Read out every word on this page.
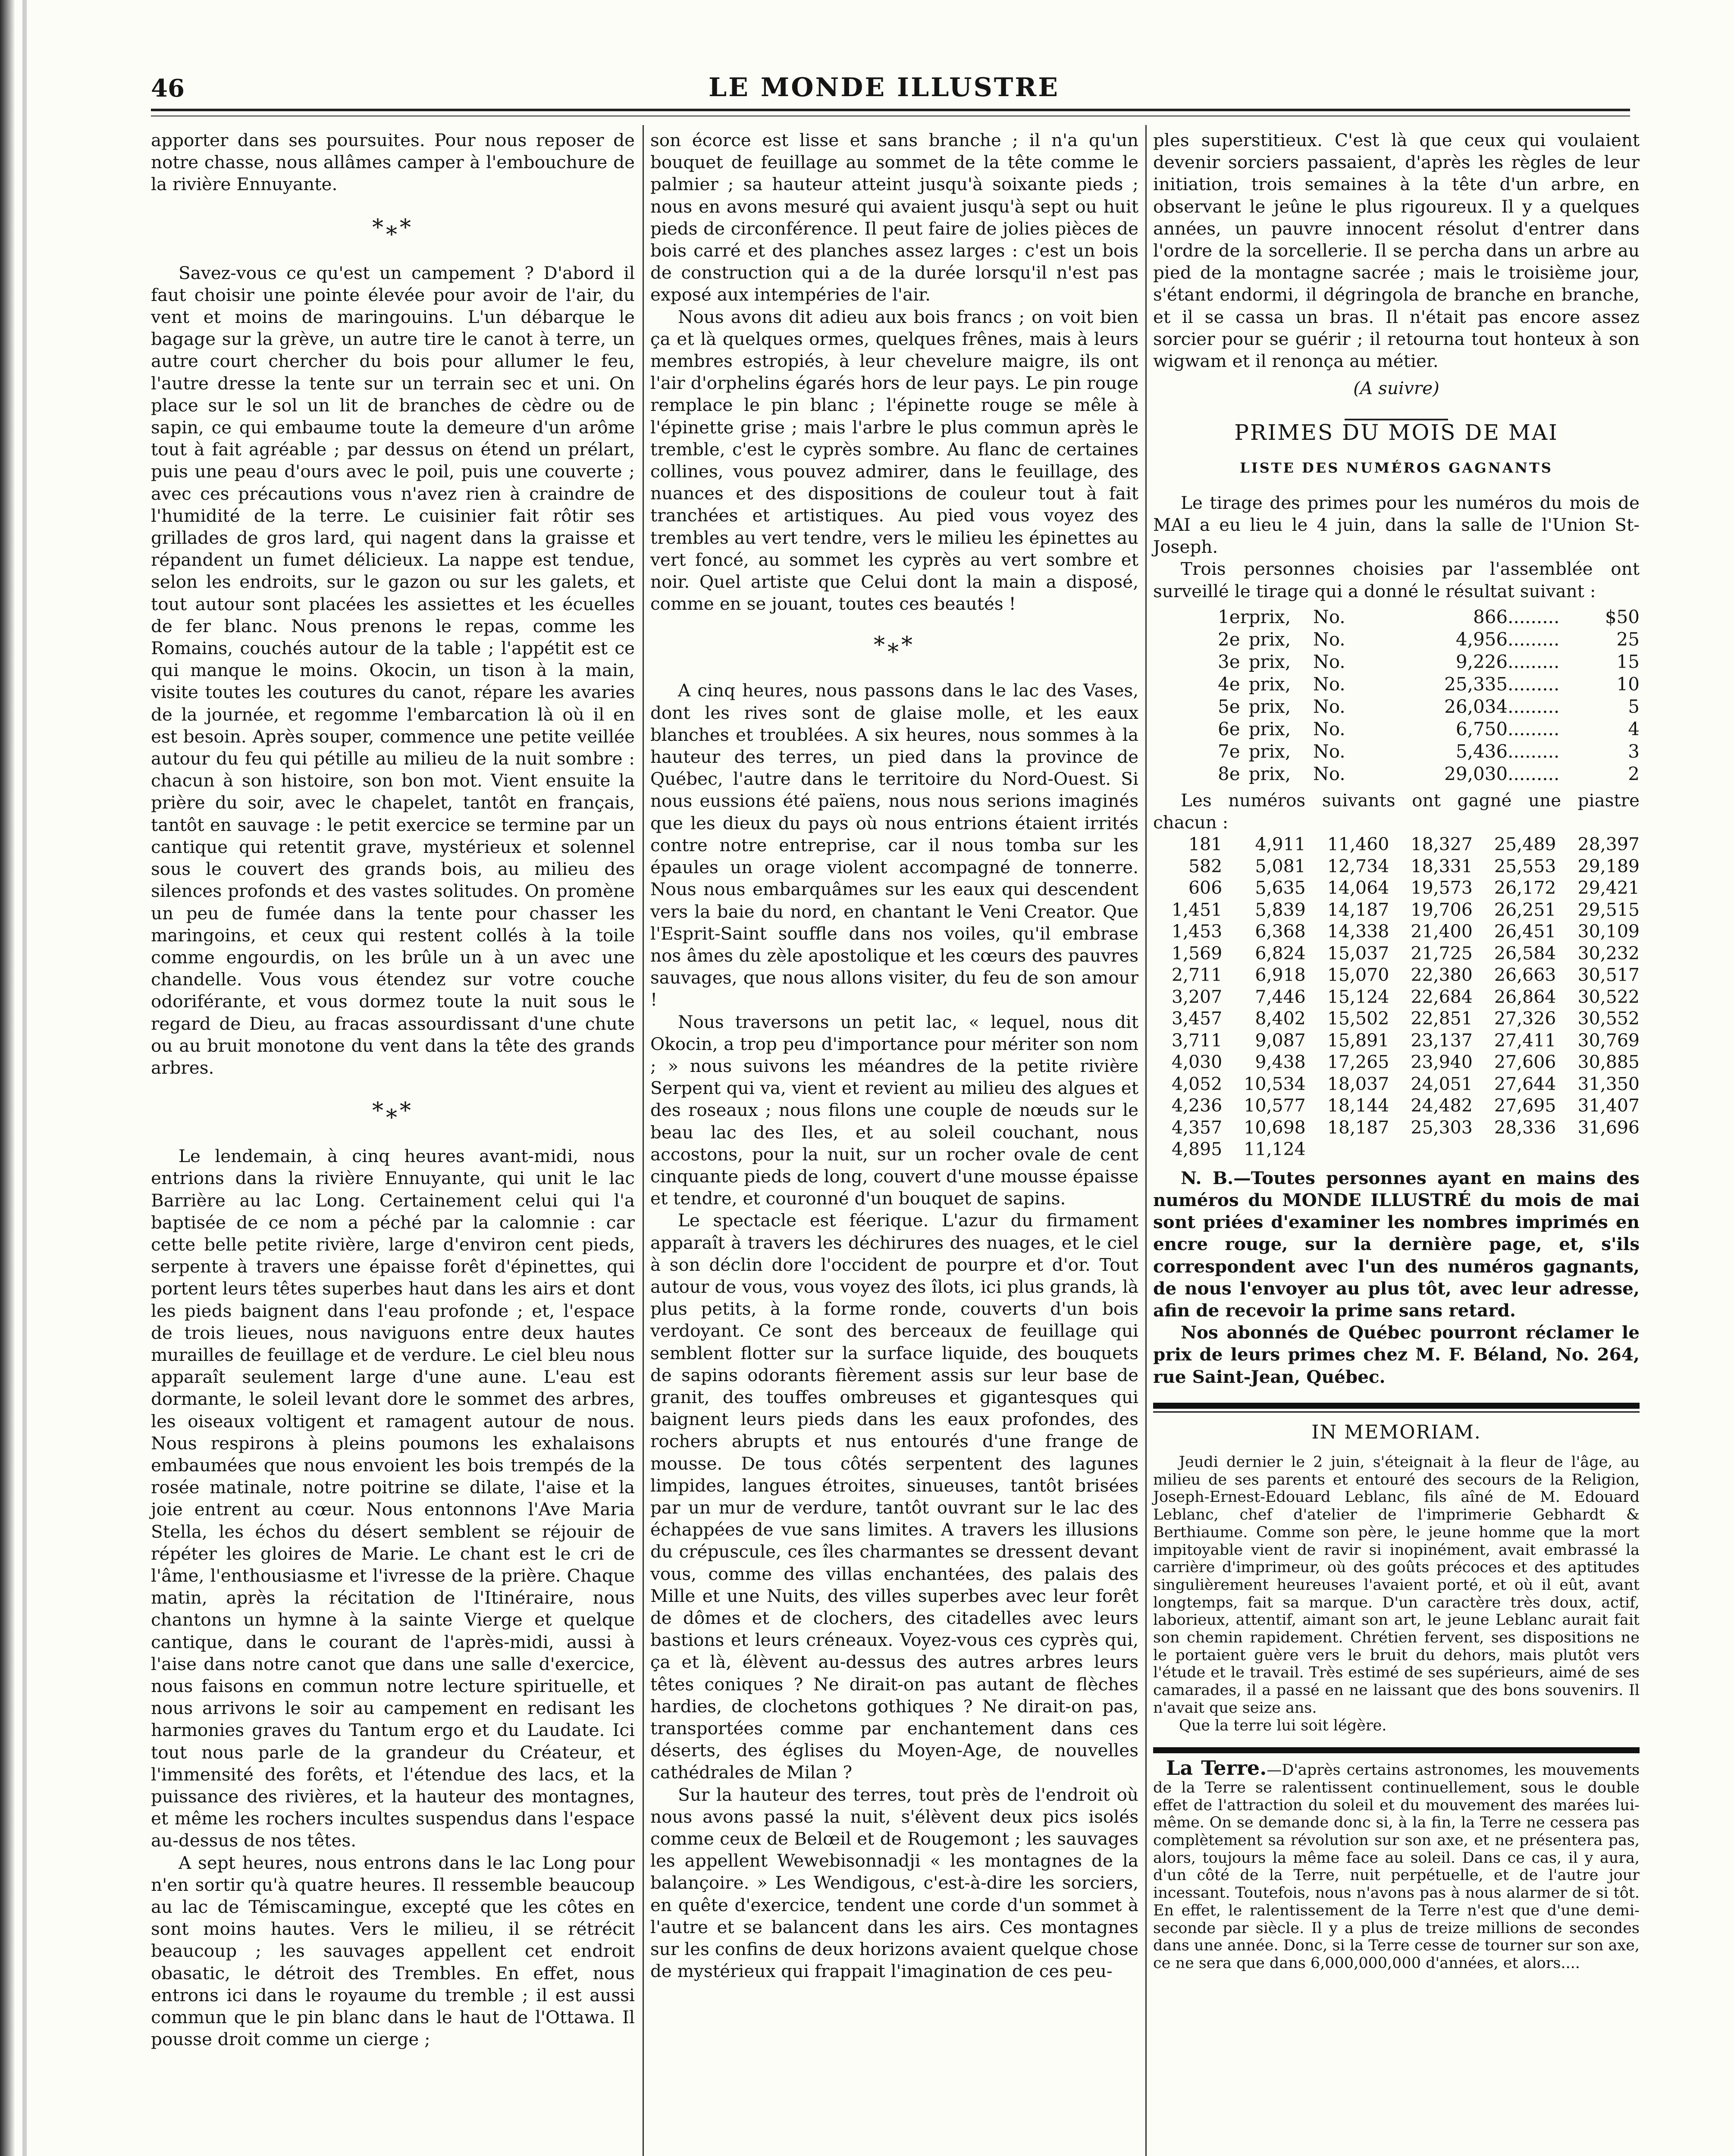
46	LE MONDE ILLUSTRE

apporter dans ses poursuites. Pour nous reposer de notre chasse, nous allâmes camper à l'embouchure de la rivière Ennuyante.

*⁎*

Savez-vous ce qu'est un campement ? D'abord il faut choisir une pointe élevée pour avoir de l'air, du vent et moins de maringouins. L'un débarque le bagage sur la grève, un autre tire le canot à terre, un autre court chercher du bois pour allumer le feu, l'autre dresse la tente sur un terrain sec et uni. On place sur le sol un lit de branches de cèdre ou de sapin, ce qui embaume toute la demeure d'un arôme tout à fait agréable ; par dessus on étend un prélart, puis une peau d'ours avec le poil, puis une couverte ; avec ces précautions vous n'avez rien à craindre de l'humidité de la terre. Le cuisinier fait rôtir ses grillades de gros lard, qui nagent dans la graisse et répandent un fumet délicieux. La nappe est tendue, selon les endroits, sur le gazon ou sur les galets, et tout autour sont placées les assiettes et les écuelles de fer blanc. Nous prenons le repas, comme les Romains, couchés autour de la table ; l'appétit est ce qui manque le moins. Okocin, un tison à la main, visite toutes les coutures du canot, répare les avaries de la journée, et regomme l'embarcation là où il en est besoin. Après souper, commence une petite veillée autour du feu qui pétille au milieu de la nuit sombre : chacun à son histoire, son bon mot. Vient ensuite la prière du soir, avec le chapelet, tantôt en français, tantôt en sauvage : le petit exercice se termine par un cantique qui retentit grave, mystérieux et solennel sous le couvert des grands bois, au milieu des silences profonds et des vastes solitudes. On promène un peu de fumée dans la tente pour chasser les maringoins, et ceux qui restent collés à la toile comme engourdis, on les brûle un à un avec une chandelle. Vous vous étendez sur votre couche odoriférante, et vous dormez toute la nuit sous le regard de Dieu, au fracas assourdissant d'une chute ou au bruit monotone du vent dans la tête des grands arbres.

*⁎*

Le lendemain, à cinq heures avant-midi, nous entrions dans la rivière Ennuyante, qui unit le lac Barrière au lac Long. Certainement celui qui l'a baptisée de ce nom a péché par la calomnie : car cette belle petite rivière, large d'environ cent pieds, serpente à travers une épaisse forêt d'épinettes, qui portent leurs têtes superbes haut dans les airs et dont les pieds baignent dans l'eau profonde ; et, l'espace de trois lieues, nous naviguons entre deux hautes murailles de feuillage et de verdure. Le ciel bleu nous apparaît seulement large d'une aune. L'eau est dormante, le soleil levant dore le sommet des arbres, les oiseaux voltigent et ramagent autour de nous. Nous respirons à pleins poumons les exhalaisons embaumées que nous envoient les bois trempés de la rosée matinale, notre poitrine se dilate, l'aise et la joie entrent au cœur. Nous entonnons l'Ave Maria Stella, les échos du désert semblent se réjouir de répéter les gloires de Marie. Le chant est le cri de l'âme, l'enthousiasme et l'ivresse de la prière. Chaque matin, après la récitation de l'Itinéraire, nous chantons un hymne à la sainte Vierge et quelque cantique, dans le courant de l'après-midi, aussi à l'aise dans notre canot que dans une salle d'exercice, nous faisons en commun notre lecture spirituelle, et nous arrivons le soir au campement en redisant les harmonies graves du Tantum ergo et du Laudate. Ici tout nous parle de la grandeur du Créateur, et l'immensité des forêts, et l'étendue des lacs, et la puissance des rivières, et la hauteur des montagnes, et même les rochers incultes suspendus dans l'espace au-dessus de nos têtes.

A sept heures, nous entrons dans le lac Long pour n'en sortir qu'à quatre heures. Il ressemble beaucoup au lac de Témiscamingue, excepté que les côtes en sont moins hautes. Vers le milieu, il se rétrécit beaucoup ; les sauvages appellent cet endroit obasatic, le détroit des Trembles. En effet, nous entrons ici dans le royaume du tremble ; il est aussi commun que le pin blanc dans le haut de l'Ottawa. Il pousse droit comme un cierge ;

son écorce est lisse et sans branche ; il n'a qu'un bouquet de feuillage au sommet de la tête comme le palmier ; sa hauteur atteint jusqu'à soixante pieds ; nous en avons mesuré qui avaient jusqu'à sept ou huit pieds de circonférence. Il peut faire de jolies pièces de bois carré et des planches assez larges : c'est un bois de construction qui a de la durée lorsqu'il n'est pas exposé aux intempéries de l'air.

Nous avons dit adieu aux bois francs ; on voit bien ça et là quelques ormes, quelques frênes, mais à leurs membres estropiés, à leur chevelure maigre, ils ont l'air d'orphelins égarés hors de leur pays. Le pin rouge remplace le pin blanc ; l'épinette rouge se mêle à l'épinette grise ; mais l'arbre le plus commun après le tremble, c'est le cyprès sombre. Au flanc de certaines collines, vous pouvez admirer, dans le feuillage, des nuances et des dispositions de couleur tout à fait tranchées et artistiques. Au pied vous voyez des trembles au vert tendre, vers le milieu les épinettes au vert foncé, au sommet les cyprès au vert sombre et noir. Quel artiste que Celui dont la main a disposé, comme en se jouant, toutes ces beautés !

*⁎*

A cinq heures, nous passons dans le lac des Vases, dont les rives sont de glaise molle, et les eaux blanches et troublées. A six heures, nous sommes à la hauteur des terres, un pied dans la province de Québec, l'autre dans le territoire du Nord-Ouest. Si nous eussions été païens, nous nous serions imaginés que les dieux du pays où nous entrions étaient irrités contre notre entreprise, car il nous tomba sur les épaules un orage violent accompagné de tonnerre. Nous nous embarquâmes sur les eaux qui descendent vers la baie du nord, en chantant le Veni Creator. Que l'Esprit-Saint souffle dans nos voiles, qu'il embrase nos âmes du zèle apostolique et les cœurs des pauvres sauvages, que nous allons visiter, du feu de son amour !

Nous traversons un petit lac, « lequel, nous dit Okocin, a trop peu d'importance pour mériter son nom ; » nous suivons les méandres de la petite rivière Serpent qui va, vient et revient au milieu des algues et des roseaux ; nous filons une couple de nœuds sur le beau lac des Iles, et au soleil couchant, nous accostons, pour la nuit, sur un rocher ovale de cent cinquante pieds de long, couvert d'une mousse épaisse et tendre, et couronné d'un bouquet de sapins.

Le spectacle est féerique. L'azur du firmament apparaît à travers les déchirures des nuages, et le ciel à son déclin dore l'occident de pourpre et d'or. Tout autour de vous, vous voyez des îlots, ici plus grands, là plus petits, à la forme ronde, couverts d'un bois verdoyant. Ce sont des berceaux de feuillage qui semblent flotter sur la surface liquide, des bouquets de sapins odorants fièrement assis sur leur base de granit, des touffes ombreuses et gigantesques qui baignent leurs pieds dans les eaux profondes, des rochers abrupts et nus entourés d'une frange de mousse. De tous côtés serpentent des lagunes limpides, langues étroites, sinueuses, tantôt brisées par un mur de verdure, tantôt ouvrant sur le lac des échappées de vue sans limites. A travers les illusions du crépuscule, ces îles charmantes se dressent devant vous, comme des villas enchantées, des palais des Mille et une Nuits, des villes superbes avec leur forêt de dômes et de clochers, des citadelles avec leurs bastions et leurs créneaux. Voyez-vous ces cyprès qui, ça et là, élèvent au-dessus des autres arbres leurs têtes coniques ? Ne dirait-on pas autant de flèches hardies, de clochetons gothiques ? Ne dirait-on pas, transportées comme par enchantement dans ces déserts, des églises du Moyen-Age, de nouvelles cathédrales de Milan ?

Sur la hauteur des terres, tout près de l'endroit où nous avons passé la nuit, s'élèvent deux pics isolés comme ceux de Belœil et de Rougemont ; les sauvages les appellent Wewebisonnadji « les montagnes de la balançoire. » Les Wendigous, c'est-à-dire les sorciers, en quête d'exercice, tendent une corde d'un sommet à l'autre et se balancent dans les airs. Ces montagnes sur les confins de deux horizons avaient quelque chose de mystérieux qui frappait l'imagination de ces peu-

ples superstitieux. C'est là que ceux qui voulaient devenir sorciers passaient, d'après les règles de leur initiation, trois semaines à la tête d'un arbre, en observant le jeûne le plus rigoureux. Il y a quelques années, un pauvre innocent résolut d'entrer dans l'ordre de la sorcellerie. Il se percha dans un arbre au pied de la montagne sacrée ; mais le troisième jour, s'étant endormi, il dégringola de branche en branche, et il se cassa un bras. Il n'était pas encore assez sorcier pour se guérir ; il retourna tout honteux à son wigwam et il renonça au métier.

(A suivre)

PRIMES DU MOIS DE MAI
LISTE DES NUMÉROS GAGNANTS

Le tirage des primes pour les numéros du mois de MAI a eu lieu le 4 juin, dans la salle de l'Union St-Joseph.

Trois personnes choisies par l'assemblée ont surveillé le tirage qui a donné le résultat suivant :

1er	prix,	No.	866.........	$50
2e	prix,	No.	4,956.........	25
3e	prix,	No.	9,226.........	15
4e	prix,	No.	25,335.........	10
5e	prix,	No.	26,034.........	5
6e	prix,	No.	6,750.........	4
7e	prix,	No.	5,436.........	3
8e	prix,	No.	29,030.........	2

Les numéros suivants ont gagné une piastre chacun :

181	4,911	11,460	18,327	25,489	28,397
582	5,081	12,734	18,331	25,553	29,189
606	5,635	14,064	19,573	26,172	29,421
1,451	5,839	14,187	19,706	26,251	29,515
1,453	6,368	14,338	21,400	26,451	30,109
1,569	6,824	15,037	21,725	26,584	30,232
2,711	6,918	15,070	22,380	26,663	30,517
3,207	7,446	15,124	22,684	26,864	30,522
3,457	8,402	15,502	22,851	27,326	30,552
3,711	9,087	15,891	23,137	27,411	30,769
4,030	9,438	17,265	23,940	27,606	30,885
4,052	10,534	18,037	24,051	27,644	31,350
4,236	10,577	18,144	24,482	27,695	31,407
4,357	10,698	18,187	25,303	28,336	31,696
4,895	11,124				

N. B.—Toutes personnes ayant en mains des numéros du MONDE ILLUSTRÉ du mois de mai sont priées d'examiner les nombres imprimés en encre rouge, sur la dernière page, et, s'ils correspondent avec l'un des numéros gagnants, de nous l'envoyer au plus tôt, avec leur adresse, afin de recevoir la prime sans retard.

Nos abonnés de Québec pourront réclamer le prix de leurs primes chez M. F. Béland, No. 264, rue Saint-Jean, Québec.

IN MEMORIAM.
Jeudi dernier le 2 juin, s'éteignait à la fleur de l'âge, au milieu de ses parents et entouré des secours de la Religion, Joseph-Ernest-Edouard Leblanc, fils aîné de M. Edouard Leblanc, chef d'atelier de l'imprimerie Gebhardt & Berthiaume. Comme son père, le jeune homme que la mort impitoyable vient de ravir si inopinément, avait embrassé la carrière d'imprimeur, où des goûts précoces et des aptitudes singulièrement heureuses l'avaient porté, et où il eût, avant longtemps, fait sa marque. D'un caractère très doux, actif, laborieux, attentif, aimant son art, le jeune Leblanc aurait fait son chemin rapidement. Chrétien fervent, ses dispositions ne le portaient guère vers le bruit du dehors, mais plutôt vers l'étude et le travail. Très estimé de ses supérieurs, aimé de ses camarades, il a passé en ne laissant que des bons souvenirs. Il n'avait que seize ans.
Que la terre lui soit légère.
La Terre.—D'après certains astronomes, les mouvements de la Terre se ralentissent continuellement, sous le double effet de l'attraction du soleil et du mouvement des marées lui-même. On se demande donc si, à la fin, la Terre ne cessera pas complètement sa révolution sur son axe, et ne présentera pas, alors, toujours la même face au soleil. Dans ce cas, il y aura, d'un côté de la Terre, nuit perpétuelle, et de l'autre jour incessant. Toutefois, nous n'avons pas à nous alarmer de si tôt. En effet, le ralentissement de la Terre n'est que d'une demi-seconde par siècle. Il y a plus de treize millions de secondes dans une année. Donc, si la Terre cesse de tourner sur son axe, ce ne sera que dans 6,000,000,000 d'années, et alors....
